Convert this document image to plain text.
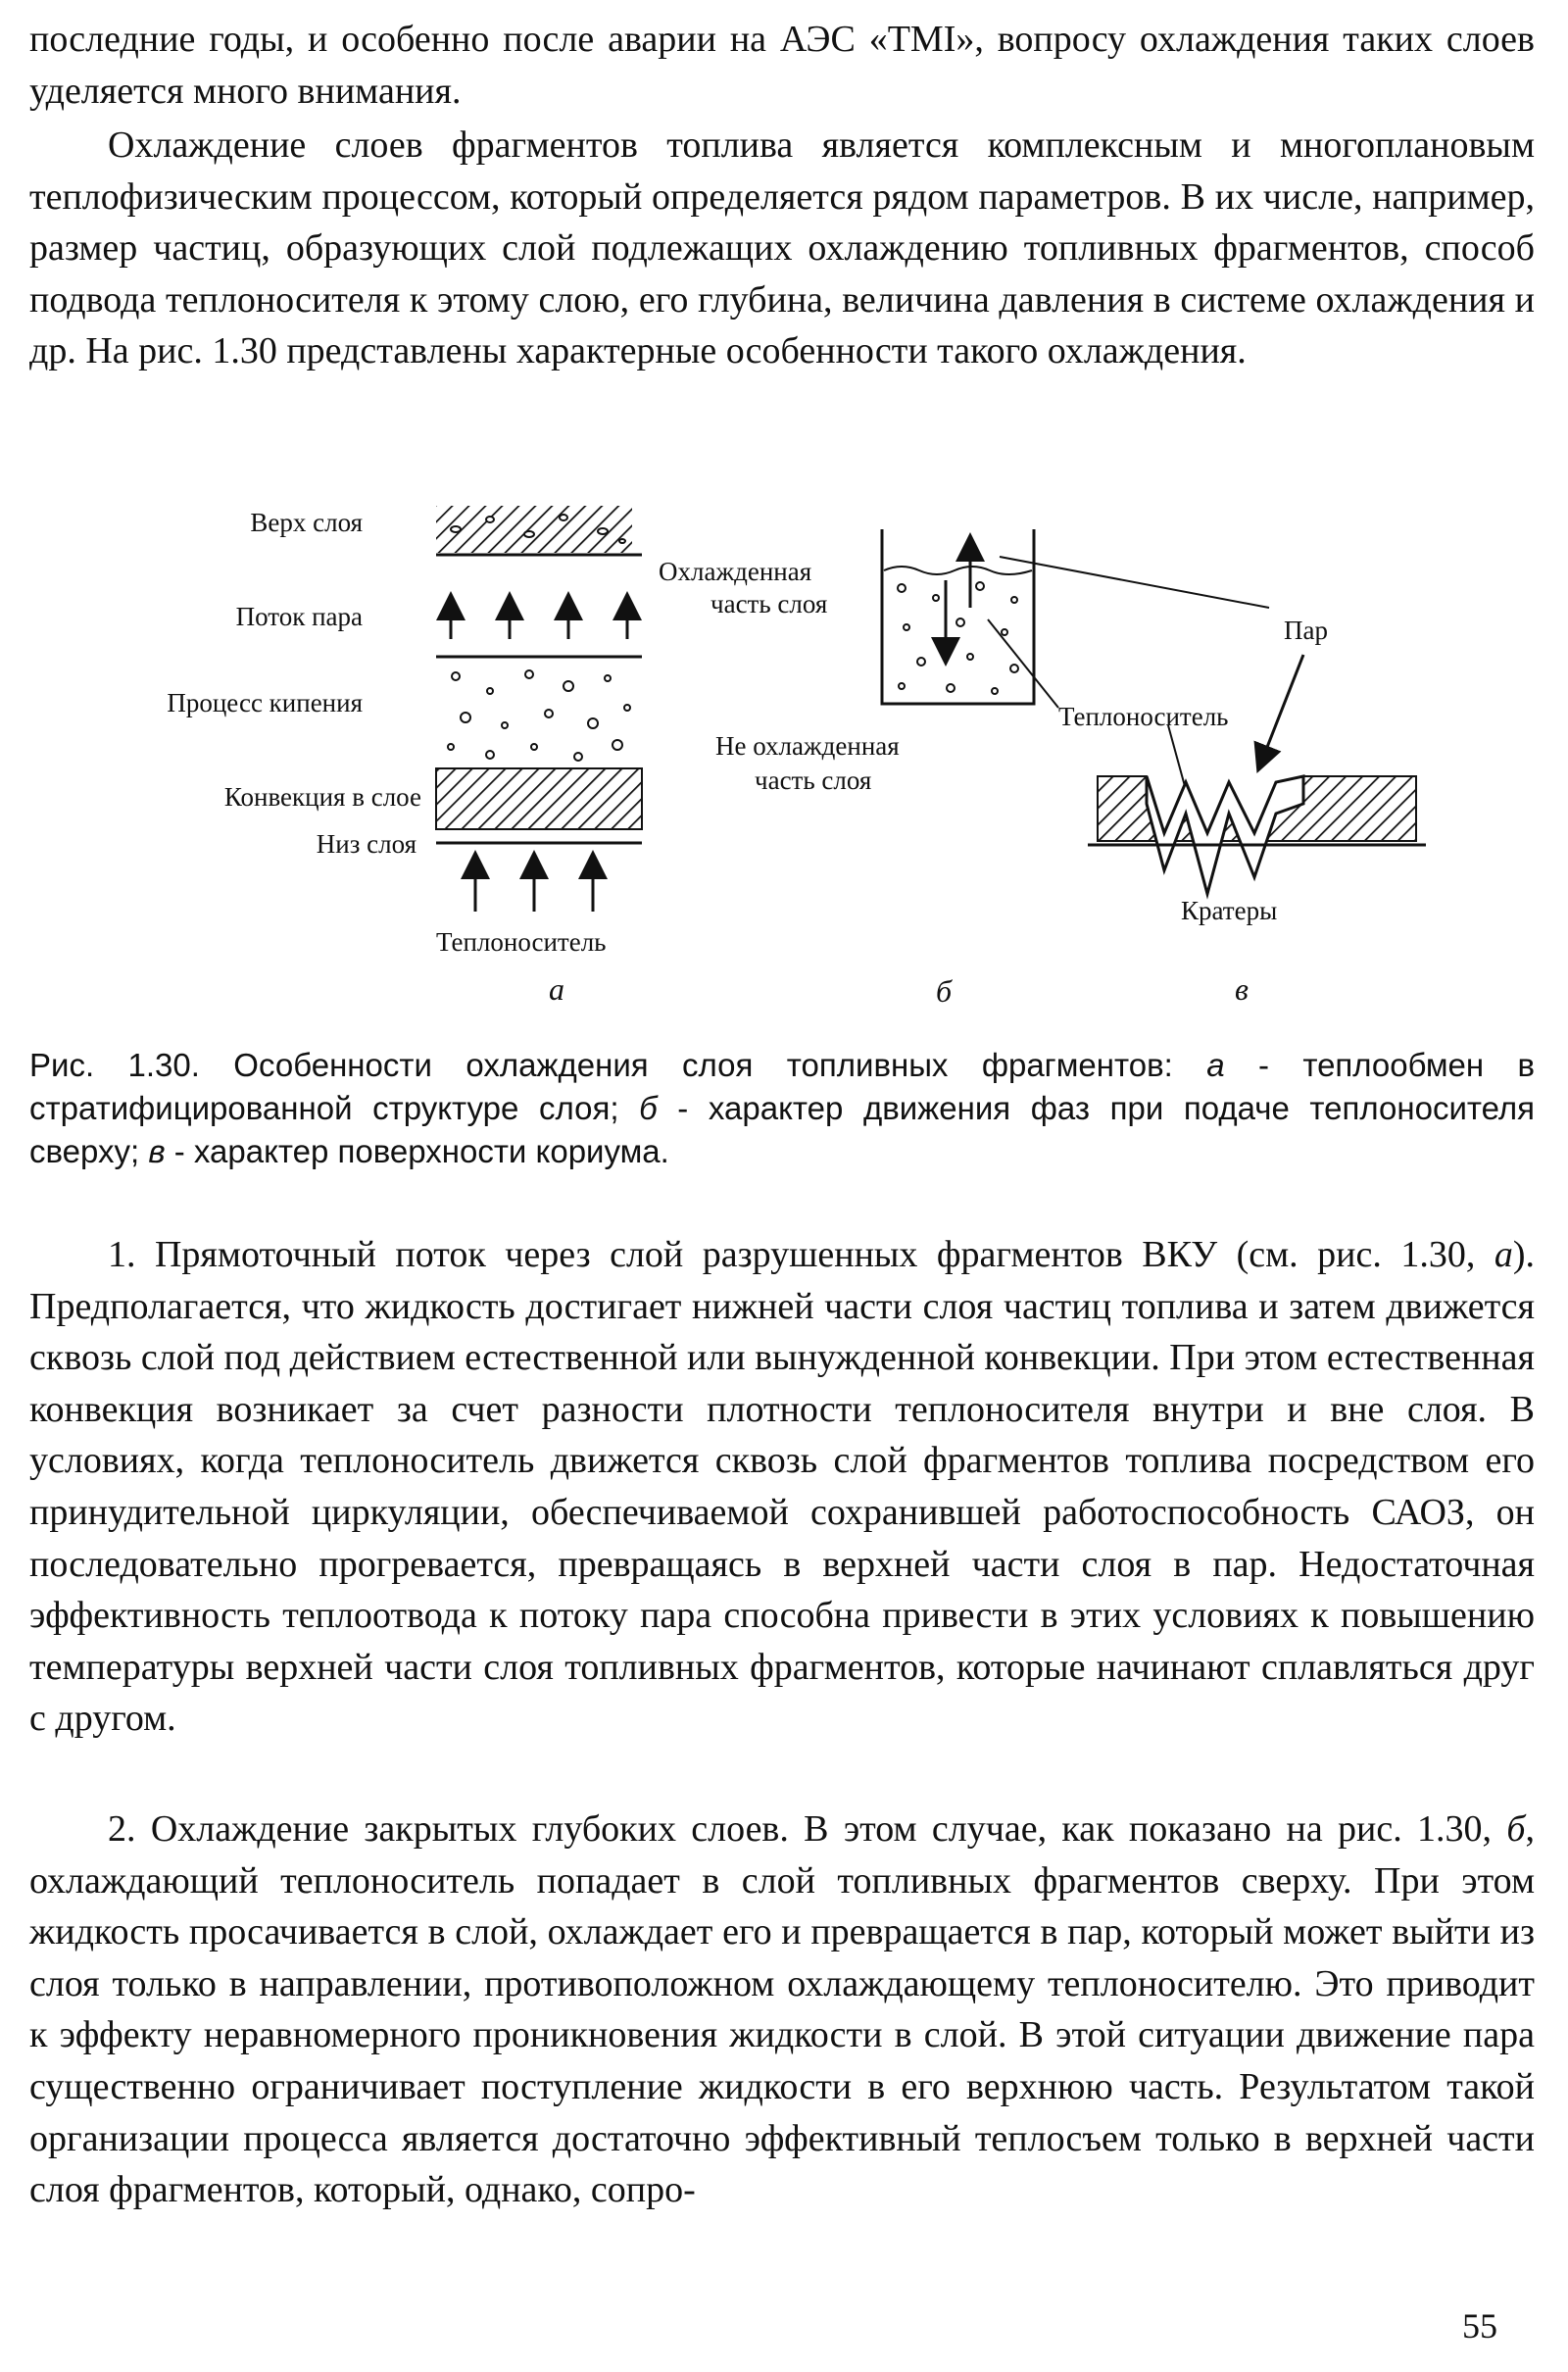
последние годы, и особенно после аварии на АЭС «TMI», вопросу охлаждения таких слоев уделяется много внимания.

Охлаждение слоев фрагментов топлива является комплексным и многоплановым теплофизическим процессом, который определяется рядом параметров. В их числе, например, размер частиц, образующих слой подлежащих охлаждению топливных фрагментов, способ подвода теплоносителя к этому слою, его глубина, величина давления в системе охлаждения и др. На рис. 1.30 представлены характерные особенности такого охлаждения.

Верх слоя
Поток пара
Процесс кипения
Конвекция в слое
Низ слоя
Теплоноситель
а
Охлажденная
часть слоя
Не охлажденная
часть слоя
б
Пар
Теплоноситель
Кратеры
в

Рис. 1.30. Особенности охлаждения слоя топливных фрагментов: а - теплообмен в стратифицированной структуре слоя; б - характер движения фаз при подаче теплоносителя сверху; в - характер поверхности кориума.

1. Прямоточный поток через слой разрушенных фрагментов ВКУ (см. рис. 1.30, а). Предполагается, что жидкость достигает нижней части слоя частиц топлива и затем движется сквозь слой под действием естественной или вынужденной конвекции. При этом естественная конвекция возникает за счет разности плотности теплоносителя внутри и вне слоя. В условиях, когда теплоноситель движется сквозь слой фрагментов топлива посредством его принудительной циркуляции, обеспечиваемой сохранившей работоспособность САОЗ, он последовательно прогревается, превращаясь в верхней части слоя в пар. Недостаточная эффективность теплоотвода к потоку пара способна привести в этих условиях к повышению температуры верхней части слоя топливных фрагментов, которые начинают сплавляться друг с другом.

2. Охлаждение закрытых глубоких слоев. В этом случае, как показано на рис. 1.30, б, охлаждающий теплоноситель попадает в слой топливных фрагментов сверху. При этом жидкость просачивается в слой, охлаждает его и превращается в пар, который может выйти из слоя только в направлении, противоположном охлаждающему теплоносителю. Это приводит к эффекту неравномерного проникновения жидкости в слой. В этой ситуации движение пара существенно ограничивает поступление жидкости в его верхнюю часть. Результатом такой организации процесса является достаточно эффективный теплосъем только в верхней части слоя фрагментов, который, однако, сопро-

55
